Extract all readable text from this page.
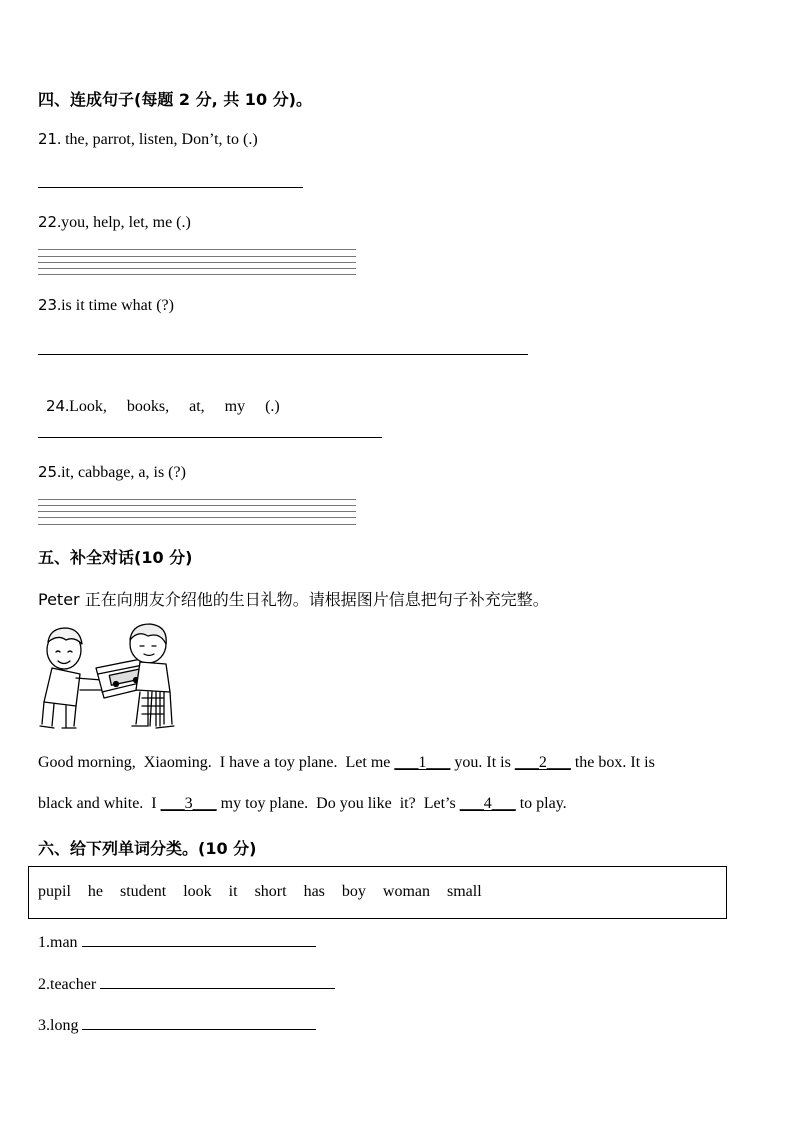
四、连成句子(每题 2 分, 共 10 分)。
21. the, parrot, listen, Don’t, to (.)
22.you, help, let, me (.)
23.is it time what (?)

24.Look,     books,     at,     my     (.)

25.it, cabbage, a, is (?)
五、补全对话(10 分)
Peter 正在向朋友介绍他的生日礼物。请根据图片信息把句子补充完整。
Good morning,  Xiaoming.  I have a toy plane.  Let me ___1___ you. It is ___2___ the box. It is
black and white.  I ___3___ my toy plane.  Do you like  it?  Let’s ___4___ to play.
六、给下列单词分类。(10 分)
pupil he student look it short has boy woman small
1.man
2.teacher
3.long
